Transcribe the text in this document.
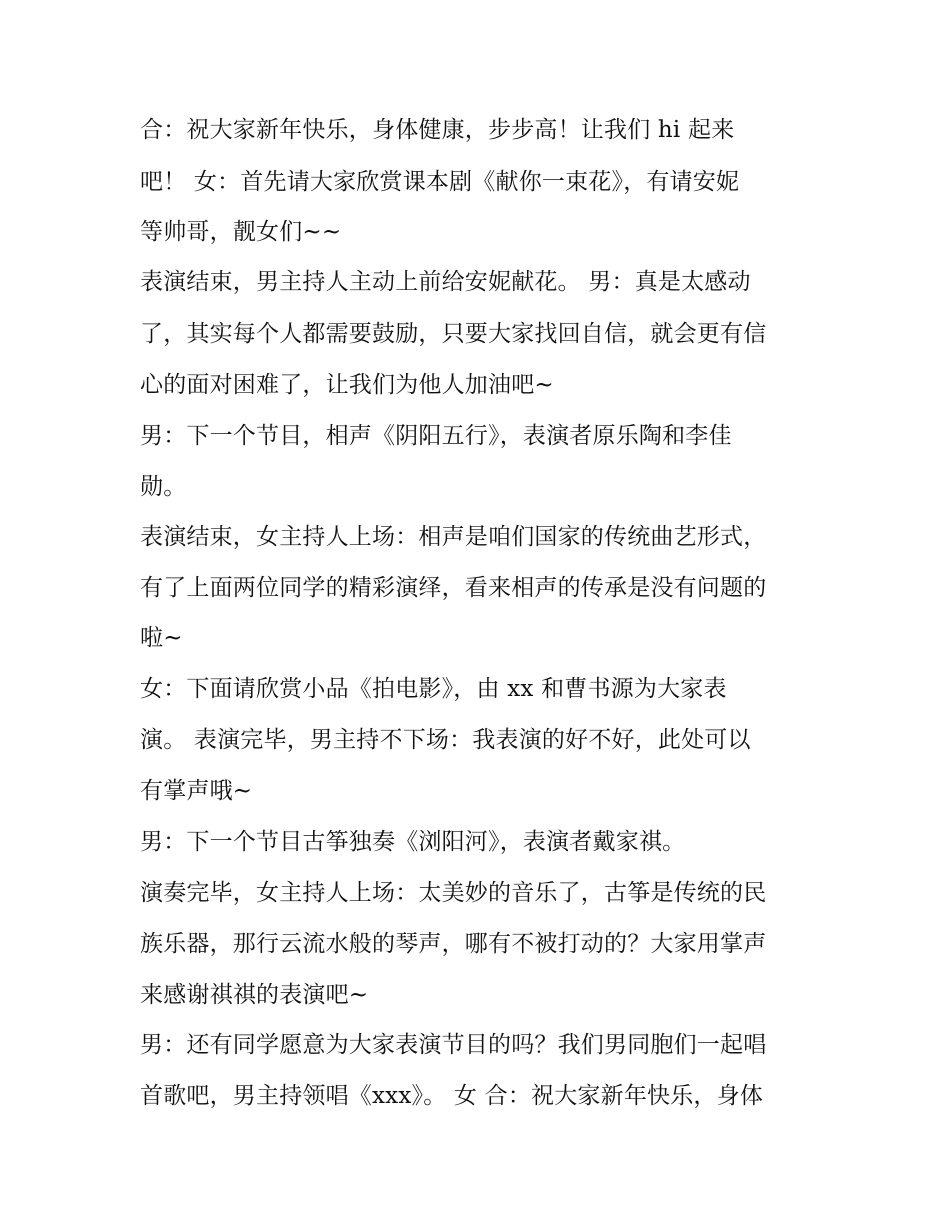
合：祝大家新年快乐，身体健康，步步高！让我们 hi 起来
吧！ 女：首先请大家欣赏课本剧《献你一束花》，有请安妮
等帅哥，靓女们~~
表演结束，男主持人主动上前给安妮献花。 男：真是太感动
了，其实每个人都需要鼓励，只要大家找回自信，就会更有信
心的面对困难了，让我们为他人加油吧~
男：下一个节目，相声《阴阳五行》，表演者原乐陶和李佳
勋。
表演结束，女主持人上场：相声是咱们国家的传统曲艺形式，
有了上面两位同学的精彩演绎，看来相声的传承是没有问题的
啦~
女：下面请欣赏小品《拍电影》，由 xx 和曹书源为大家表
演。 表演完毕，男主持不下场：我表演的好不好，此处可以
有掌声哦~
男：下一个节目古筝独奏《浏阳河》，表演者戴家祺。
演奏完毕，女主持人上场：太美妙的音乐了，古筝是传统的民
族乐器，那行云流水般的琴声，哪有不被打动的？大家用掌声
来感谢祺祺的表演吧~
男：还有同学愿意为大家表演节目的吗？我们男同胞们一起唱
首歌吧，男主持领唱《xxx》。 女 合：祝大家新年快乐，身体
